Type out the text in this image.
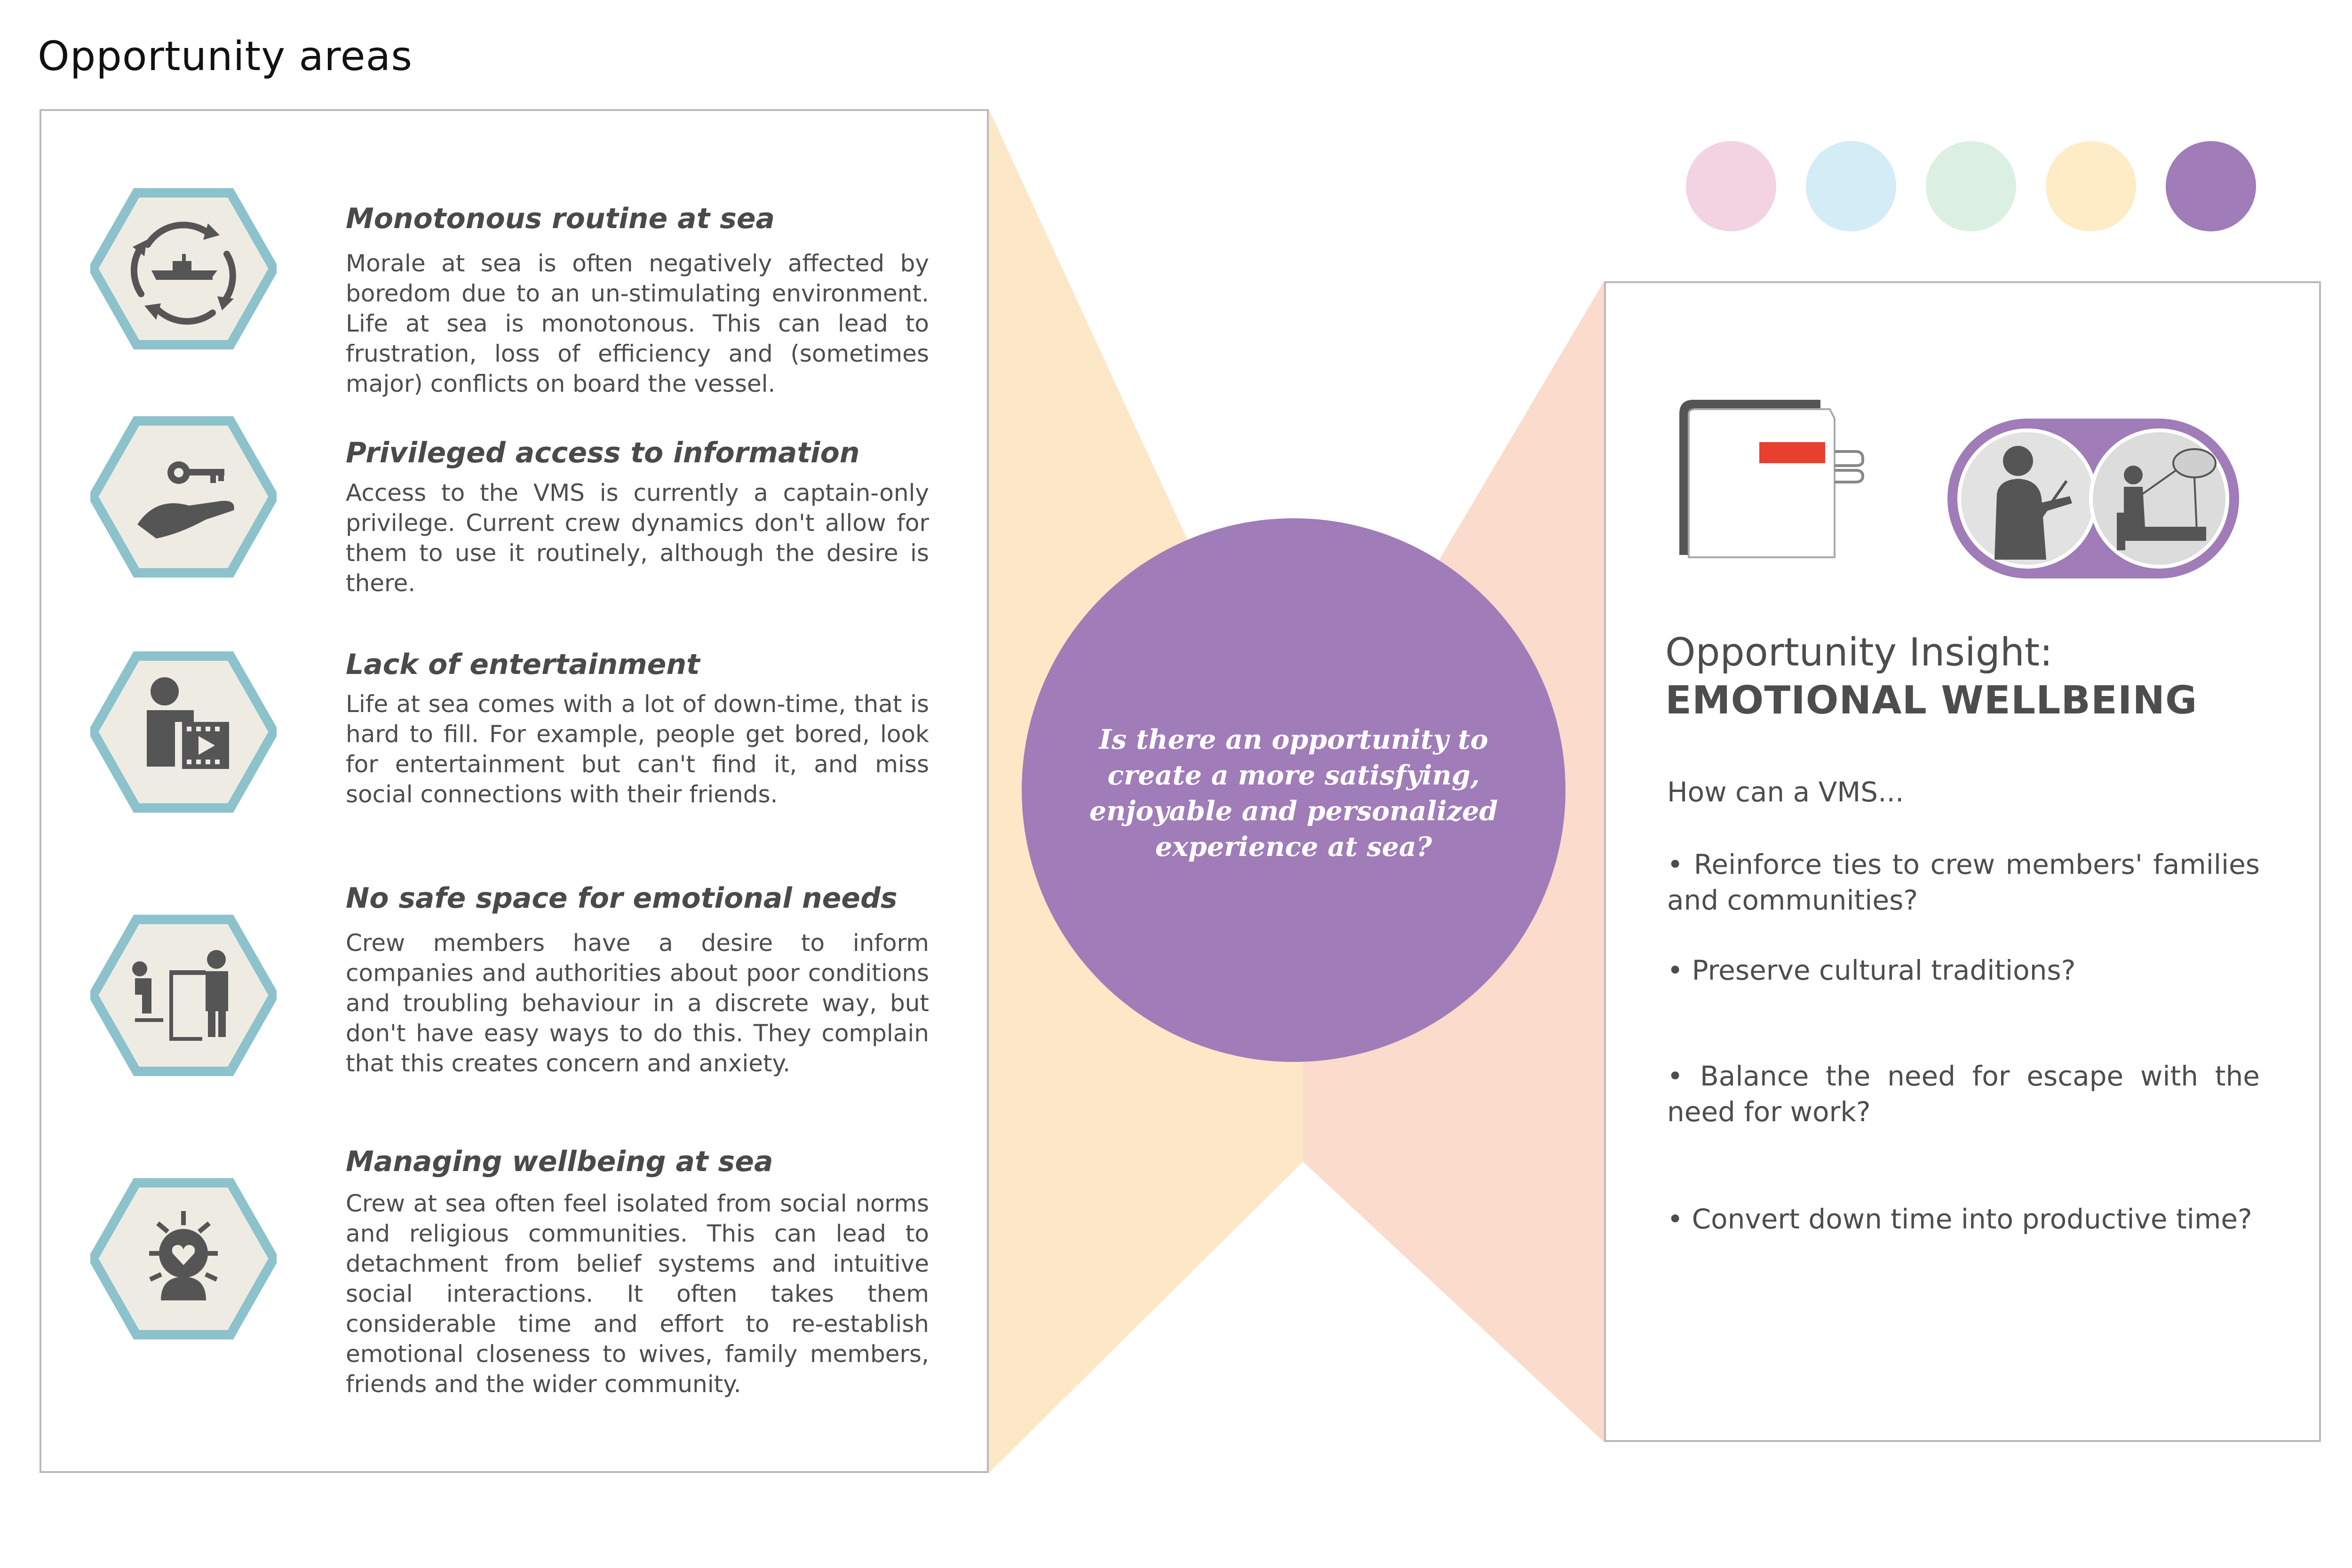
Opportunity areas
Monotonous routine at sea

Morale at sea is often negatively affected by boredom due to an un-stimulating environment. Life at sea is monotonous. This can lead to frustration, loss of efficiency and (sometimes major) conflicts on board the vessel.

Privileged access to information

Access to the VMS is currently a captain-only privilege. Current crew dynamics don't allow for them to use it routinely, although the desire is there.

Lack of entertainment

Life at sea comes with a lot of down-time, that is hard to fill. For example, people get bored, look for entertainment but can't find it, and miss social connections with their friends.

No safe space for emotional needs

Crew members have a desire to inform companies and authorities about poor conditions and troubling behaviour in a discrete way, but don't have easy ways to do this. They complain that this creates concern and anxiety.

Managing wellbeing at sea

Crew at sea often feel isolated from social norms and religious communities. This can lead to detachment from belief systems and intuitive social interactions. It often takes them considerable time and effort to re-establish emotional closeness to wives, family members, friends and the wider community.

Is there an opportunity to create a more satisfying, enjoyable and personalized experience at sea?
Opportunity Insight:
EMOTIONAL WELLBEING
How can a VMS...

• Reinforce ties to crew members' families and communities?

• Preserve cultural traditions?

• Balance the need for escape with the need for work?

• Convert down time into productive time?
